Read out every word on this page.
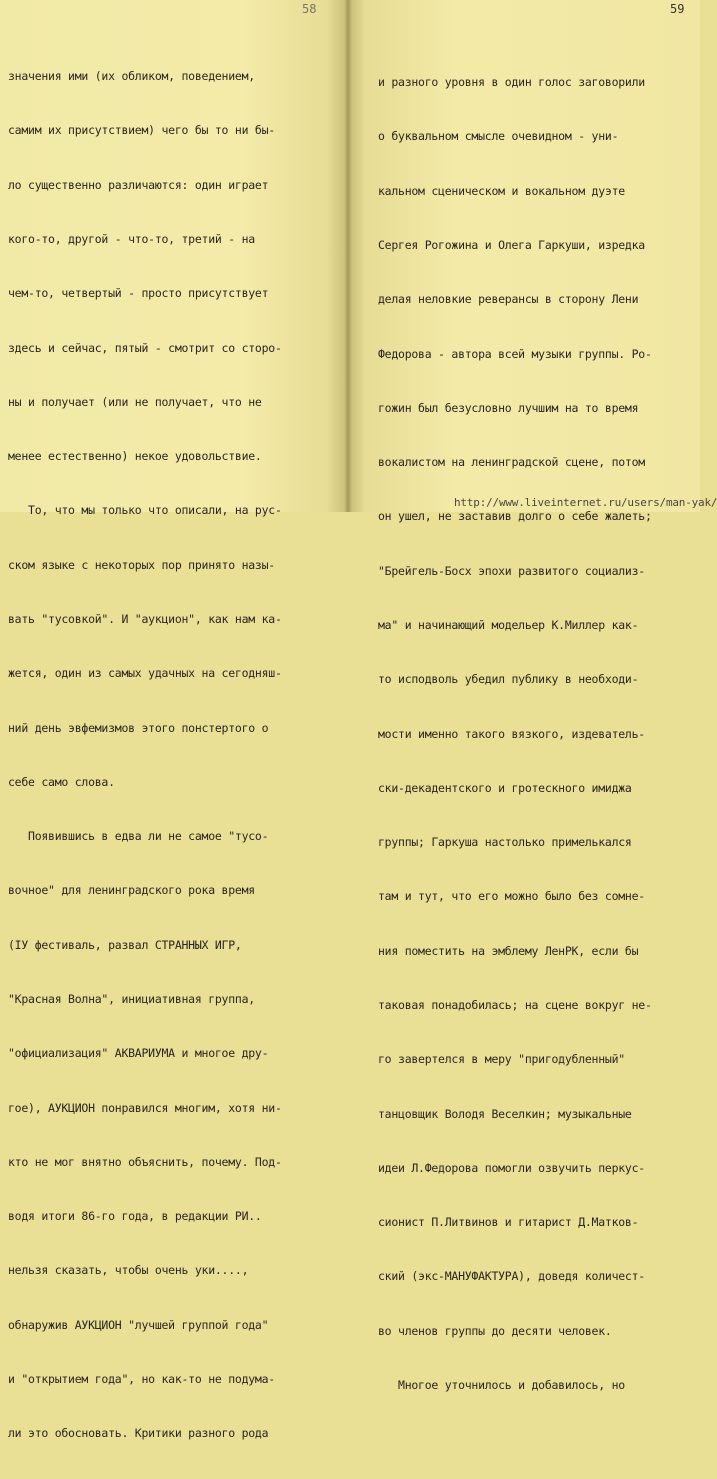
58

значения ими (их обликом, поведением,

самим их присутствием) чего бы то ни бы-

ло существенно различаются: один играет

кого-то, другой - что-то, третий - на

чем-то, четвертый - просто присутствует

здесь и сейчас, пятый - смотрит со сторо-

ны и получает (или не получает, что не

менее естественно) некое удовольствие.

То, что мы только что описали, на рус-

ском языке с некоторых пор принято назы-

вать "тусовкой". И "аукцион", как нам ка-

жется, один из самых удачных на сегодняш-

ний день эвфемизмов этого понстертого о

себе само слова.

Появившись в едва ли не самое "тусо-

вочное" для ленинградского рока время

(ІУ фестиваль, развал СТРАННЫХ ИГР,

"Красная Волна", инициативная группа,

"официализация" АКВАРИУМА и многое дру-

гое), АУКЦИОН понравился многим, хотя ни-

кто не мог внятно объяснить, почему. Под-

водя итоги 86-го года, в редакции РИ..

нельзя сказать, чтобы очень уки....,

обнаружив АУКЦИОН "лучшей группой года"

и "открытием года", но как-то не подума-

ли это обосновать. Критики разного рода

59

и разного уровня в один голос заговорили

о буквальном смысле очевидном - уни-

кальном сценическом и вокальном дуэте

Сергея Рогожина и Олега Гаркуши, изредка

делая неловкие реверансы в сторону Лени

Федорова - автора всей музыки группы. Ро-

гожин был безусловно лучшим на то время

вокалистом на ленинградской сцене, потом

он ушел, не заставив долго о себе жалеть;

"Брейгель-Босх эпохи развитого социализ-

ма" и начинающий модельер К.Миллер как-

то исподволь убедил публику в необходи-

мости именно такого вязкого, издеватель-

ски-декадентского и гротескного имиджа

группы; Гаркуша настолько примелькался

там и тут, что его можно было без сомне-

ния поместить на эмблему ЛенРК, если бы

таковая понадобилась; на сцене вокруг не-

го завертелся в меру "пригодубленный"

танцовщик Володя Веселкин; музыкальные

идеи Л.Федорова помогли озвучить перкус-

сионист П.Литвинов и гитарист Д.Матков-

ский (экс-МАНУФАКТУРА), доведя количест-

во членов группы до десяти человек.

Многое уточнилось и добавилось, но

http://www.liveinternet.ru/users/man-yak/
